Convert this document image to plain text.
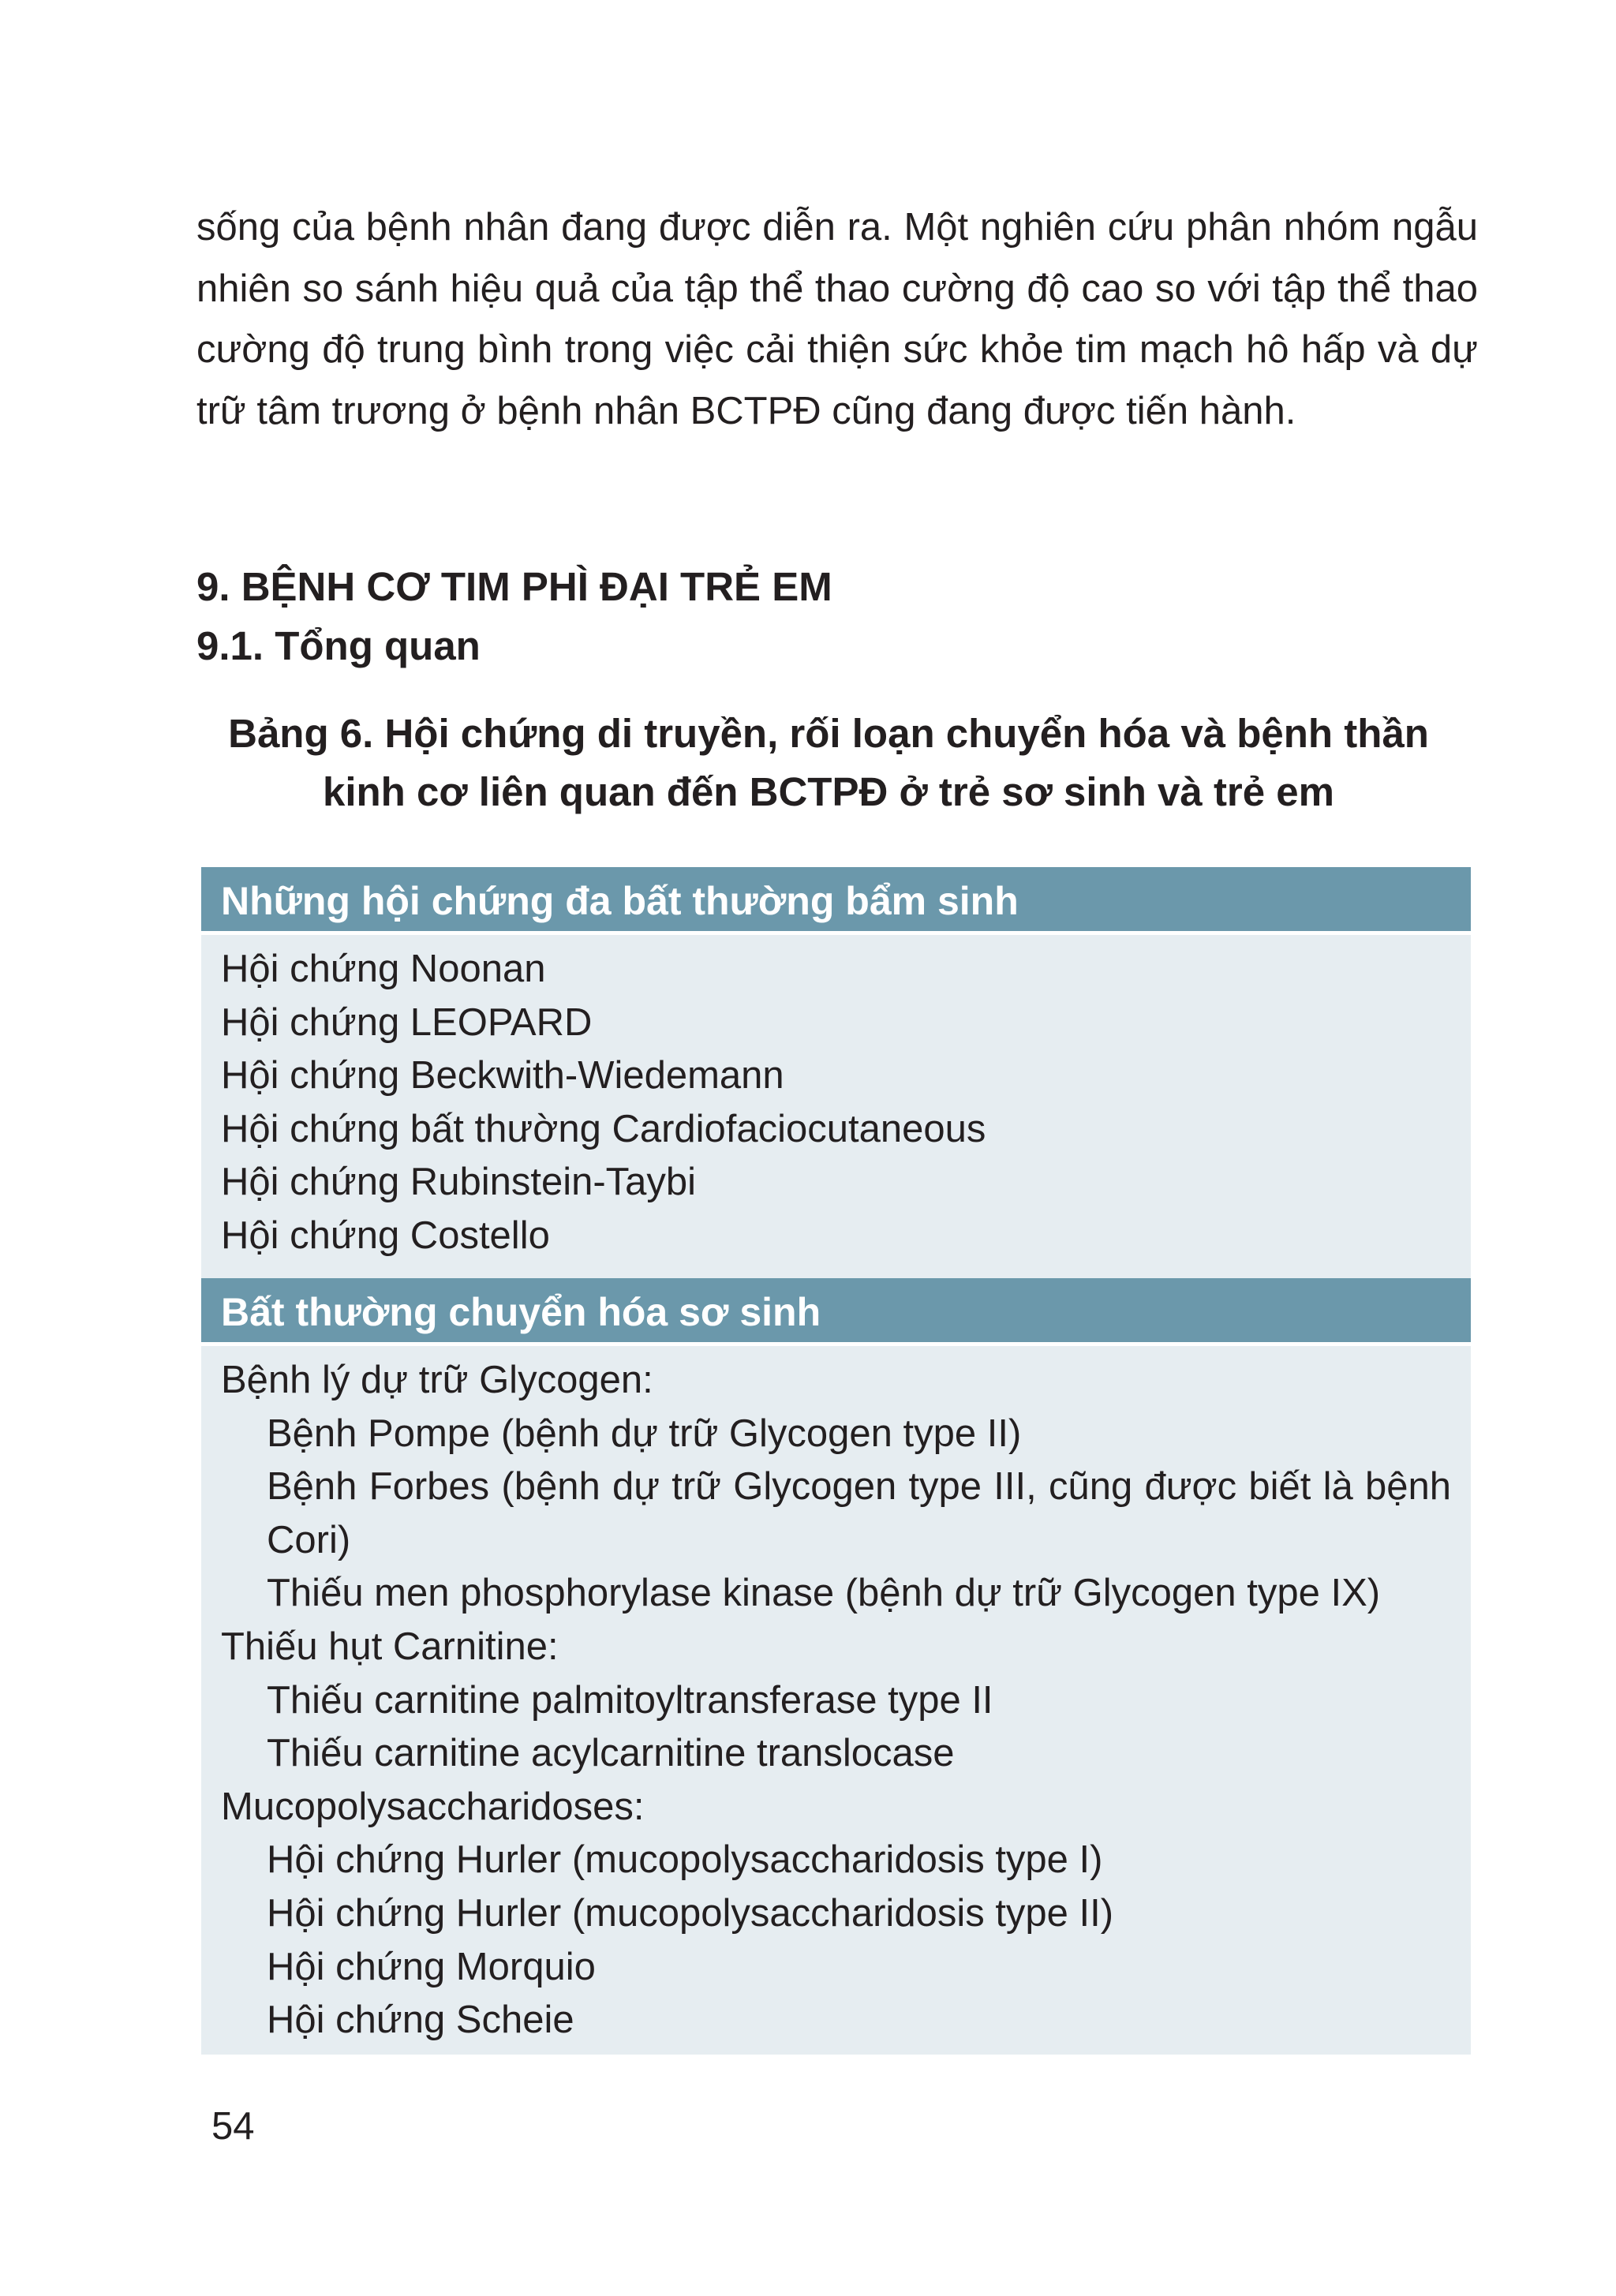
sống của bệnh nhân đang được diễn ra. Một nghiên cứu phân nhóm ngẫu nhiên so sánh hiệu quả của tập thể thao cường độ cao so với tập thể thao cường độ trung bình trong việc cải thiện sức khỏe tim mạch hô hấp và dự trữ tâm trương ở bệnh nhân BCTPĐ cũng đang được tiến hành.

9. BỆNH CƠ TIM PHÌ ĐẠI TRẺ EM
9.1. Tổng quan
Bảng 6. Hội chứng di truyền, rối loạn chuyển hóa và bệnh thần
kinh cơ liên quan đến BCTPĐ ở trẻ sơ sinh và trẻ em
Những hội chứng đa bất thường bẩm sinh
Hội chứng Noonan
Hội chứng LEOPARD
Hội chứng Beckwith-Wiedemann
Hội chứng bất thường Cardiofaciocutaneous
Hội chứng Rubinstein-Taybi
Hội chứng Costello
Bất thường chuyển hóa sơ sinh
Bệnh lý dự trữ Glycogen:
Bệnh Pompe (bệnh dự trữ Glycogen type II)
Bệnh Forbes (bệnh dự trữ Glycogen type III, cũng được biết là bệnh Cori)
Thiếu men phosphorylase kinase (bệnh dự trữ Glycogen type IX)
Thiếu hụt Carnitine:
Thiếu carnitine palmitoyltransferase type II
Thiếu carnitine acylcarnitine translocase
Mucopolysaccharidoses:
Hội chứng Hurler (mucopolysaccharidosis type I)
Hội chứng Hurler (mucopolysaccharidosis type II)
Hội chứng Morquio
Hội chứng Scheie
54
